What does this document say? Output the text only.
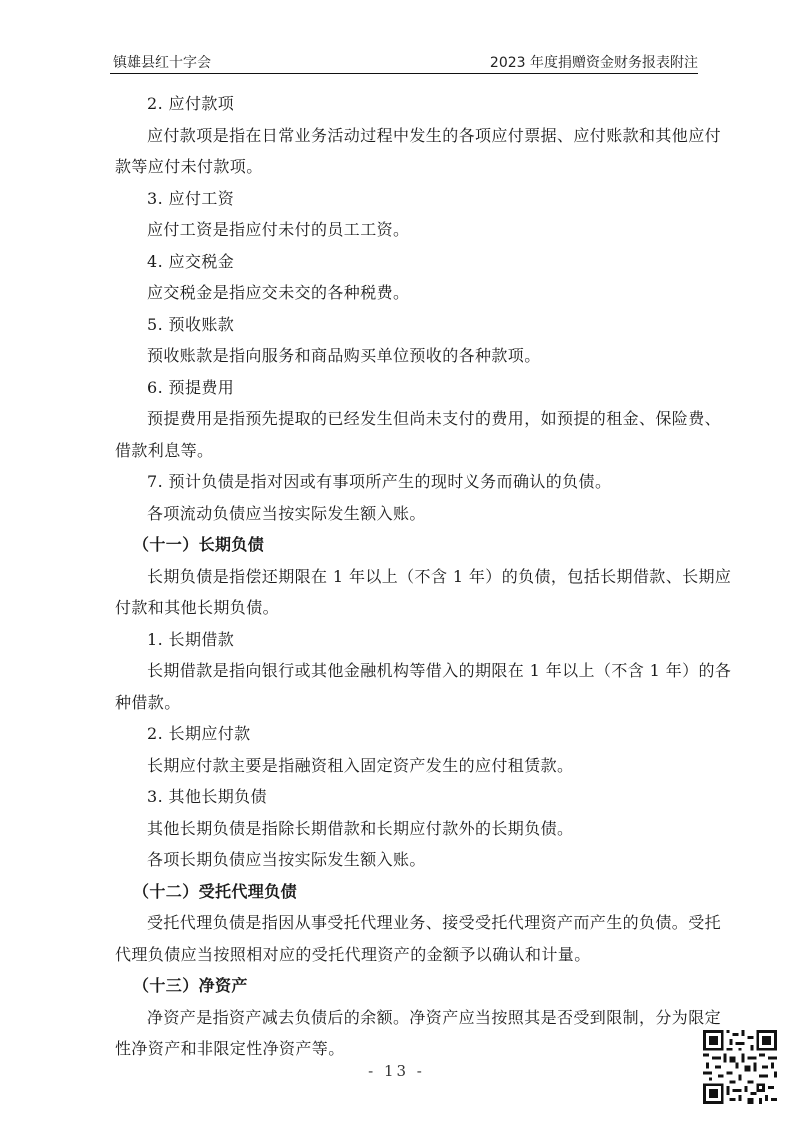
镇雄县红十字会	2023 年度捐赠资金财务报表附注
2. 应付款项
应付款项是指在日常业务活动过程中发生的各项应付票据、应付账款和其他应付
款等应付未付款项。
3. 应付工资
应付工资是指应付未付的员工工资。
4. 应交税金
应交税金是指应交未交的各种税费。
5. 预收账款
预收账款是指向服务和商品购买单位预收的各种款项。
6. 预提费用
预提费用是指预先提取的已经发生但尚未支付的费用，如预提的租金、保险费、
借款利息等。
7. 预计负债是指对因或有事项所产生的现时义务而确认的负债。
各项流动负债应当按实际发生额入账。
（十一）长期负债
长期负债是指偿还期限在 1 年以上（不含 1 年）的负债，包括长期借款、长期应
付款和其他长期负债。
1. 长期借款
长期借款是指向银行或其他金融机构等借入的期限在 1 年以上（不含 1 年）的各
种借款。
2. 长期应付款
长期应付款主要是指融资租入固定资产发生的应付租赁款。
3. 其他长期负债
其他长期负债是指除长期借款和长期应付款外的长期负债。
各项长期负债应当按实际发生额入账。
（十二）受托代理负债
受托代理负债是指因从事受托代理业务、接受受托代理资产而产生的负债。受托
代理负债应当按照相对应的受托代理资产的金额予以确认和计量。
（十三）净资产
净资产是指资产减去负债后的余额。净资产应当按照其是否受到限制，分为限定
性净资产和非限定性净资产等。
- 13 -
